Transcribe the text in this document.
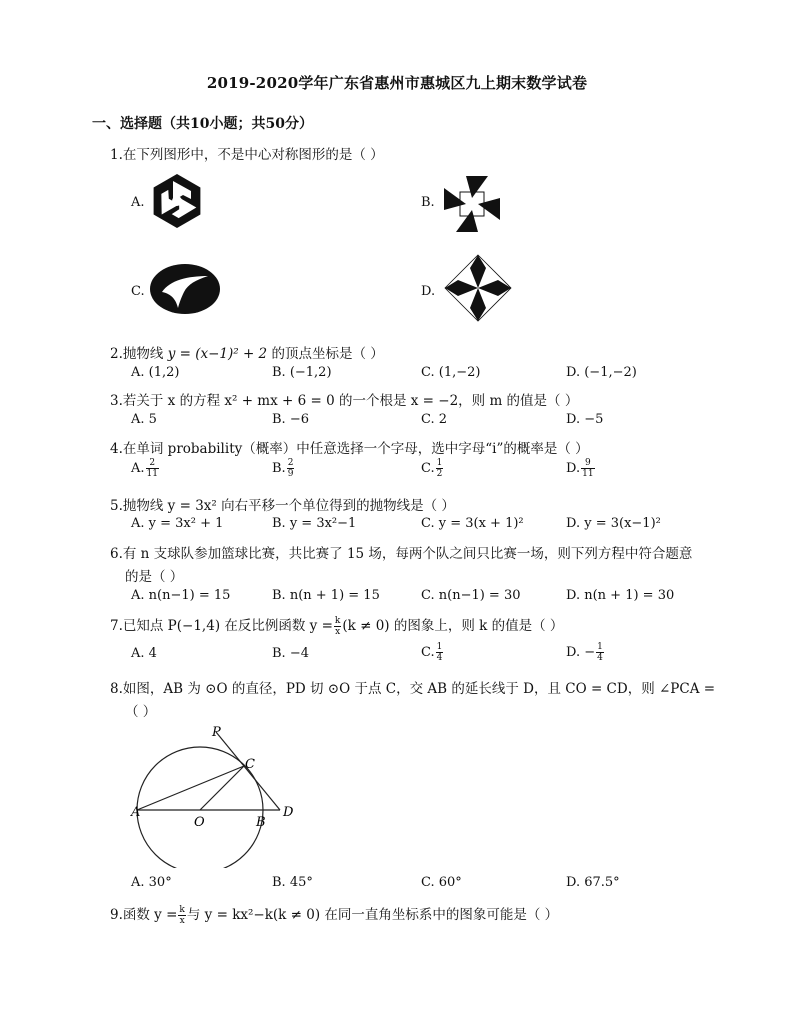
2019-2020学年广东省惠州市惠城区九上期末数学试卷
一、选择题（共10小题；共50分）
1.在下列图形中，不是中心对称图形的是（ ）
A.	B.
C.	D.
2.抛物线 y = (x−1)² + 2 的顶点坐标是（ ）
A. (1,2)	B. (−1,2)	C. (1,−2)	D. (−1,−2)
3.若关于 x 的方程 x² + mx + 6 = 0 的一个根是 x = −2，则 m 的值是（ ）
A. 5	B. −6	C. 2	D. −5
4.在单词 probability（概率）中任意选择一个字母，选中字母“i”的概率是（ ）
A. $\frac{2}{11}$	B. $\frac{2}{9}$	C. $\frac{1}{2}$	D. $\frac{9}{11}$
5.抛物线 y = 3x² 向右平移一个单位得到的抛物线是（ ）
A. y = 3x² + 1	B. y = 3x²−1	C. y = 3(x + 1)²	D. y = 3(x−1)²
6.有 n 支球队参加篮球比赛，共比赛了 15 场，每两个队之间只比赛一场，则下列方程中符合题意
的是（ ）
A. n(n−1) = 15	B. n(n + 1) = 15	C. n(n−1) = 30	D. n(n + 1) = 30
7.已知点 P(−1,4) 在反比例函数 $y = \frac{k}{x} (k \ne 0)$ 的图象上，则 k 的值是（ ）
A. 4	B. −4	C. $\frac{1}{4}$	D. − $\frac{1}{4}$
8.如图，AB 为 ⊙O 的直径，PD 切 ⊙O 于点 C，交 AB 的延长线于 D，且 CO = CD，则 ∠PCA =
（ ）
P
C
A
O	B
D
A. 30°	B. 45°	C. 60°	D. 67.5°
9.函数 $y = \frac{k}{x}$ 与 y = kx²−k(k ≠ 0) 在同一直角坐标系中的图象可能是（ ）
